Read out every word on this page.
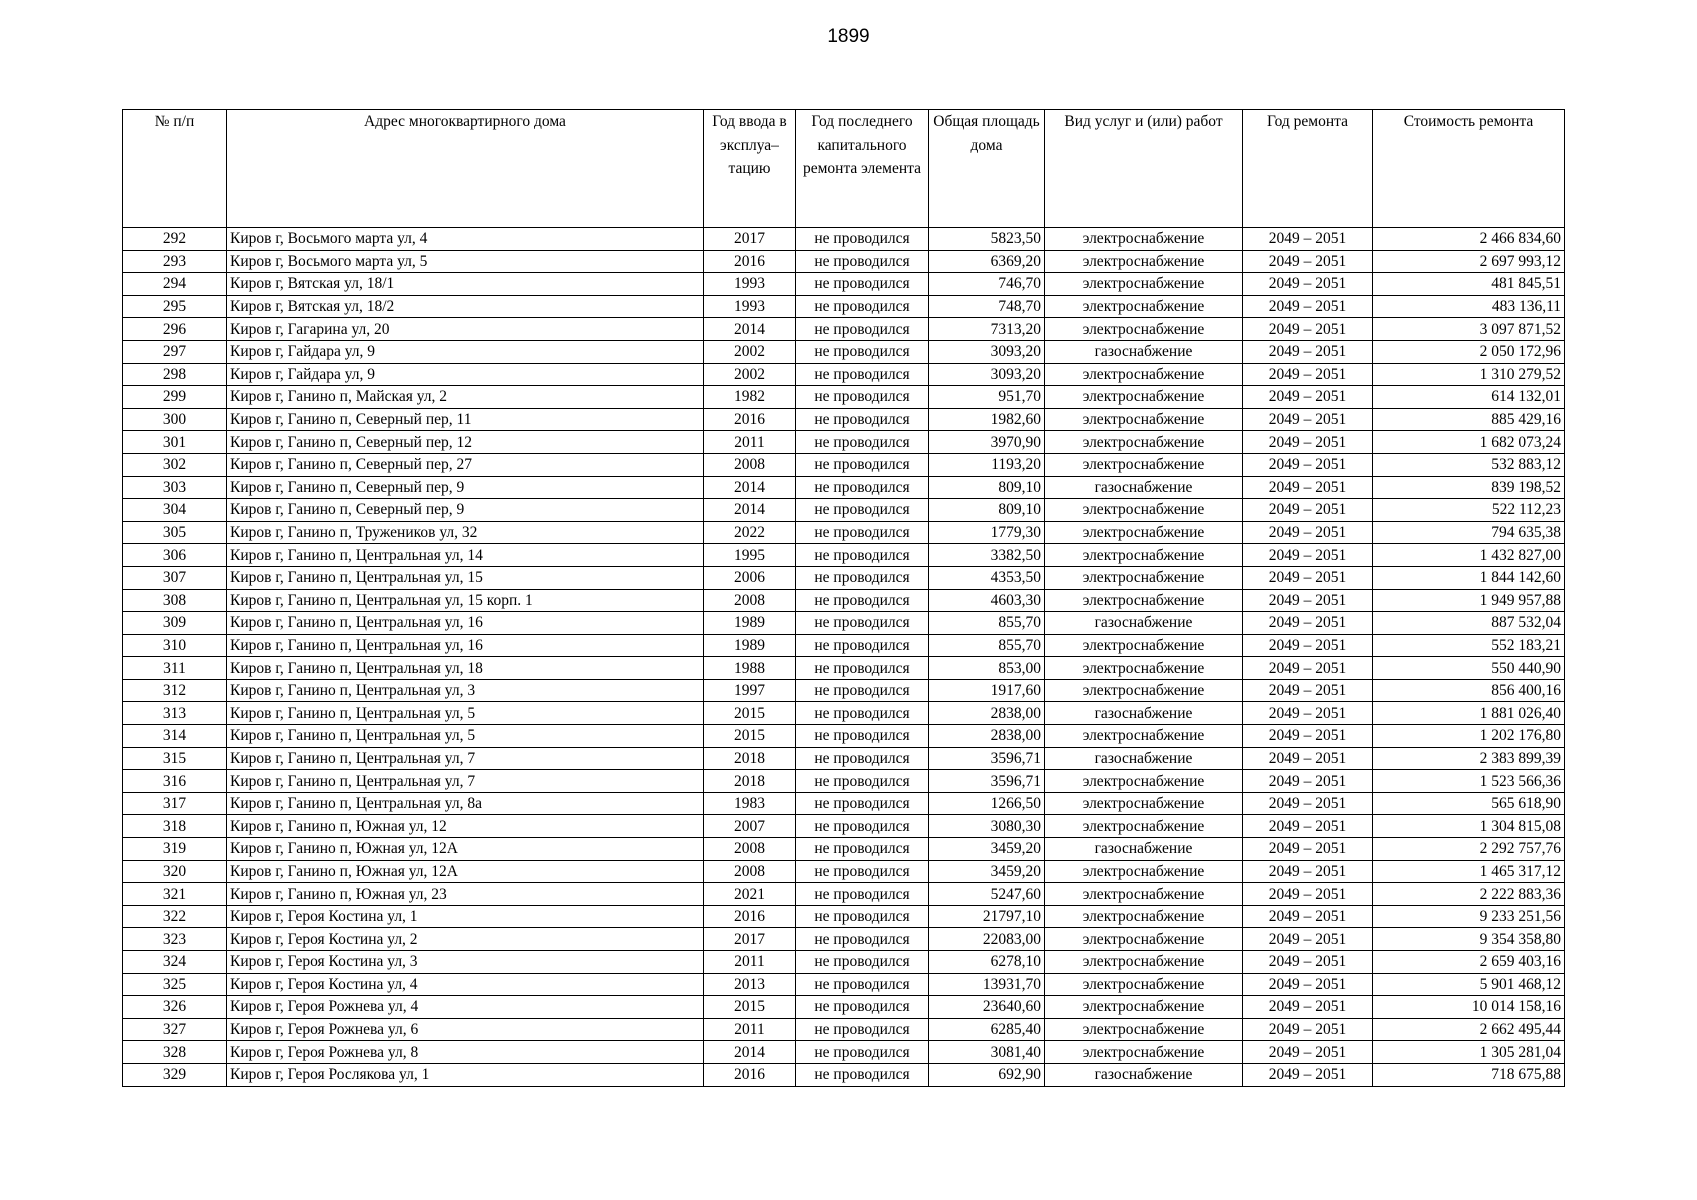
1899
№ п/п	Адрес многоквартирного дома	Год ввода в эксплуа–тацию	Год последнего капитального ремонта элемента	Общая площадь дома	Вид услуг и (или) работ	Год ремонта	Стоимость ремонта
292	Киров г, Восьмого марта ул, 4	2017	не проводился	5823,50	электроснабжение	2049 – 2051	2 466 834,60
293	Киров г, Восьмого марта ул, 5	2016	не проводился	6369,20	электроснабжение	2049 – 2051	2 697 993,12
294	Киров г, Вятская ул, 18/1	1993	не проводился	746,70	электроснабжение	2049 – 2051	481 845,51
295	Киров г, Вятская ул, 18/2	1993	не проводился	748,70	электроснабжение	2049 – 2051	483 136,11
296	Киров г, Гагарина ул, 20	2014	не проводился	7313,20	электроснабжение	2049 – 2051	3 097 871,52
297	Киров г, Гайдара ул, 9	2002	не проводился	3093,20	газоснабжение	2049 – 2051	2 050 172,96
298	Киров г, Гайдара ул, 9	2002	не проводился	3093,20	электроснабжение	2049 – 2051	1 310 279,52
299	Киров г, Ганино п, Майская ул, 2	1982	не проводился	951,70	электроснабжение	2049 – 2051	614 132,01
300	Киров г, Ганино п, Северный пер, 11	2016	не проводился	1982,60	электроснабжение	2049 – 2051	885 429,16
301	Киров г, Ганино п, Северный пер, 12	2011	не проводился	3970,90	электроснабжение	2049 – 2051	1 682 073,24
302	Киров г, Ганино п, Северный пер, 27	2008	не проводился	1193,20	электроснабжение	2049 – 2051	532 883,12
303	Киров г, Ганино п, Северный пер, 9	2014	не проводился	809,10	газоснабжение	2049 – 2051	839 198,52
304	Киров г, Ганино п, Северный пер, 9	2014	не проводился	809,10	электроснабжение	2049 – 2051	522 112,23
305	Киров г, Ганино п, Тружеников ул, 32	2022	не проводился	1779,30	электроснабжение	2049 – 2051	794 635,38
306	Киров г, Ганино п, Центральная ул, 14	1995	не проводился	3382,50	электроснабжение	2049 – 2051	1 432 827,00
307	Киров г, Ганино п, Центральная ул, 15	2006	не проводился	4353,50	электроснабжение	2049 – 2051	1 844 142,60
308	Киров г, Ганино п, Центральная ул, 15 корп. 1	2008	не проводился	4603,30	электроснабжение	2049 – 2051	1 949 957,88
309	Киров г, Ганино п, Центральная ул, 16	1989	не проводился	855,70	газоснабжение	2049 – 2051	887 532,04
310	Киров г, Ганино п, Центральная ул, 16	1989	не проводился	855,70	электроснабжение	2049 – 2051	552 183,21
311	Киров г, Ганино п, Центральная ул, 18	1988	не проводился	853,00	электроснабжение	2049 – 2051	550 440,90
312	Киров г, Ганино п, Центральная ул, 3	1997	не проводился	1917,60	электроснабжение	2049 – 2051	856 400,16
313	Киров г, Ганино п, Центральная ул, 5	2015	не проводился	2838,00	газоснабжение	2049 – 2051	1 881 026,40
314	Киров г, Ганино п, Центральная ул, 5	2015	не проводился	2838,00	электроснабжение	2049 – 2051	1 202 176,80
315	Киров г, Ганино п, Центральная ул, 7	2018	не проводился	3596,71	газоснабжение	2049 – 2051	2 383 899,39
316	Киров г, Ганино п, Центральная ул, 7	2018	не проводился	3596,71	электроснабжение	2049 – 2051	1 523 566,36
317	Киров г, Ганино п, Центральная ул, 8а	1983	не проводился	1266,50	электроснабжение	2049 – 2051	565 618,90
318	Киров г, Ганино п, Южная ул, 12	2007	не проводился	3080,30	электроснабжение	2049 – 2051	1 304 815,08
319	Киров г, Ганино п, Южная ул, 12А	2008	не проводился	3459,20	газоснабжение	2049 – 2051	2 292 757,76
320	Киров г, Ганино п, Южная ул, 12А	2008	не проводился	3459,20	электроснабжение	2049 – 2051	1 465 317,12
321	Киров г, Ганино п, Южная ул, 23	2021	не проводился	5247,60	электроснабжение	2049 – 2051	2 222 883,36
322	Киров г, Героя Костина ул, 1	2016	не проводился	21797,10	электроснабжение	2049 – 2051	9 233 251,56
323	Киров г, Героя Костина ул, 2	2017	не проводился	22083,00	электроснабжение	2049 – 2051	9 354 358,80
324	Киров г, Героя Костина ул, 3	2011	не проводился	6278,10	электроснабжение	2049 – 2051	2 659 403,16
325	Киров г, Героя Костина ул, 4	2013	не проводился	13931,70	электроснабжение	2049 – 2051	5 901 468,12
326	Киров г, Героя Рожнева ул, 4	2015	не проводился	23640,60	электроснабжение	2049 – 2051	10 014 158,16
327	Киров г, Героя Рожнева ул, 6	2011	не проводился	6285,40	электроснабжение	2049 – 2051	2 662 495,44
328	Киров г, Героя Рожнева ул, 8	2014	не проводился	3081,40	электроснабжение	2049 – 2051	1 305 281,04
329	Киров г, Героя Рослякова ул, 1	2016	не проводился	692,90	газоснабжение	2049 – 2051	718 675,88
